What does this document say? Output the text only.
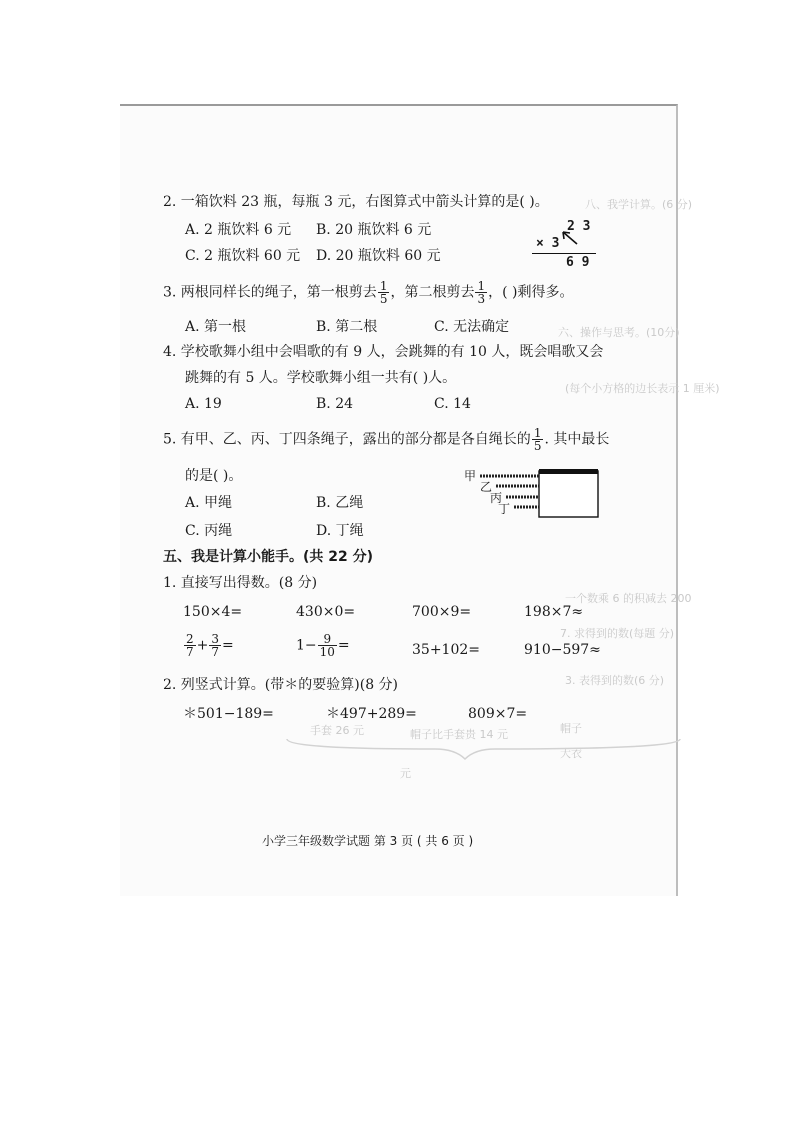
八、我学计算。(6 分)
六、操作与思考。(10分)
(每个小方格的边长表示 1 厘米)
一个数乘 6 的积减去 200
7. 求得到的数(每题 分)
3. 表得到的数(6 分)
帽子
手套 26 元	帽子比手套贵 14 元
大衣
元
2. 一箱饮料 23 瓶，每瓶 3 元，右图算式中箭头计算的是( )。
A. 2 瓶饮料 6 元 B. 20 瓶饮料 6 元
C. 2 瓶饮料 60 元 D. 20 瓶饮料 60 元
2 3
× 3
6 9
3. 两根同样长的绳子，第一根剪去 $\frac{1}{5}$ ，第二根剪去 $\frac{1}{3}$ ，( )剩得多。
A. 第一根	B. 第二根	C. 无法确定
4. 学校歌舞小组中会唱歌的有 9 人，会跳舞的有 10 人，既会唱歌又会
跳舞的有 5 人。学校歌舞小组一共有( )人。
A. 19	B. 24	C. 14
5. 有甲、乙、丙、丁四条绳子，露出的部分都是各自绳长的 $\frac{1}{5}$ . 其中最长
的是( )。
A. 甲绳	B. 乙绳
C. 丙绳	D. 丁绳
甲
乙
丙
丁
五、我是计算小能手。(共 22 分)
1. 直接写出得数。(8 分)
150×4=	430×0=	700×9=	198×7≈
$\frac{2}{7} + \frac{3}{7}$ =	$1- \frac{9}{10}$ =	35+102=	910−597≈
2. 列竖式计算。(带＊的要验算)(8 分)
＊501−189=	＊497+289=	809×7=
小学三年级数学试题 第 3 页 ( 共 6 页 )
